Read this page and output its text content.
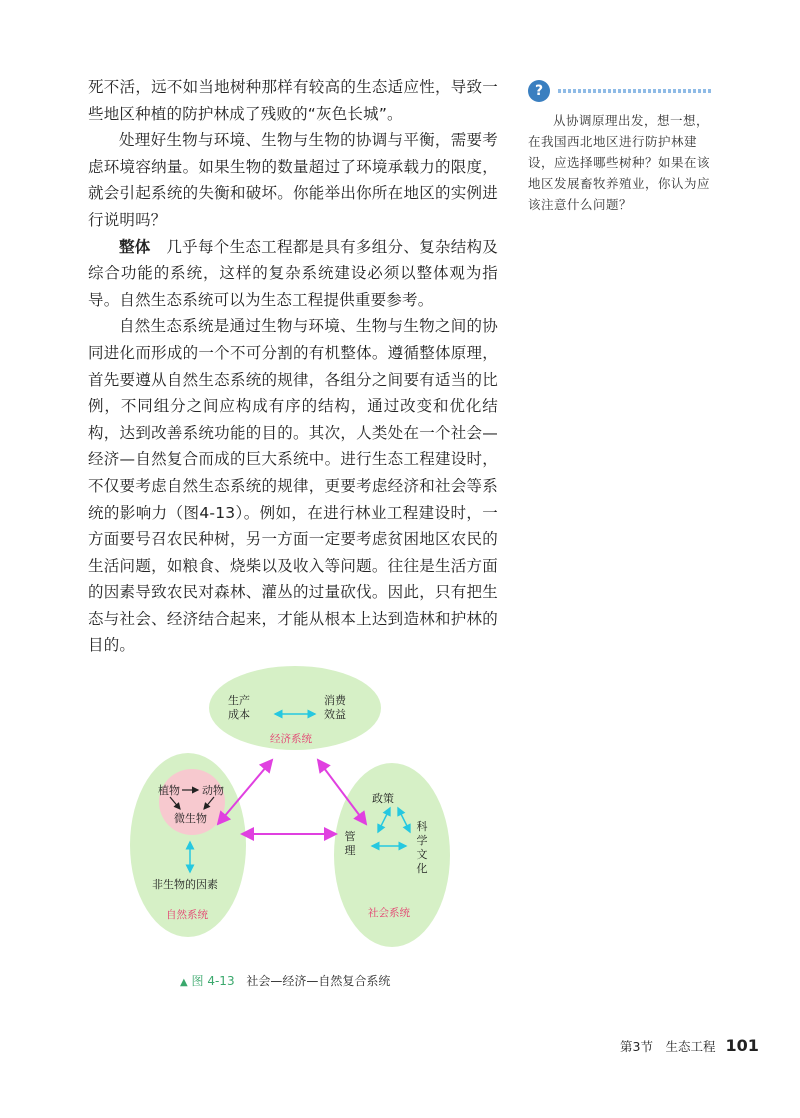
死不活，远不如当地树种那样有较高的生态适应性，导致一些地区种植的防护林成了残败的“灰色长城”。

处理好生物与环境、生物与生物的协调与平衡，需要考虑环境容纳量。如果生物的数量超过了环境承载力的限度，就会引起系统的失衡和破坏。你能举出你所在地区的实例进行说明吗？

整体　 几乎每个生态工程都是具有多组分、复杂结构及综合功能的系统，这样的复杂系统建设必须以整体观为指导。自然生态系统可以为生态工程提供重要参考。

自然生态系统是通过生物与环境、生物与生物之间的协同进化而形成的一个不可分割的有机整体。遵循整体原理，首先要遵从自然生态系统的规律，各组分之间要有适当的比例，不同组分之间应构成有序的结构，通过改变和优化结构，达到改善系统功能的目的。其次，人类处在一个社会—经济—自然复合而成的巨大系统中。进行生态工程建设时，不仅要考虑自然生态系统的规律，更要考虑经济和社会等系统的影响力（图4-13）。例如，在进行林业工程建设时，一方面要号召农民种树，另一方面一定要考虑贫困地区农民的生活问题，如粮食、烧柴以及收入等问题。往往是生活方面的因素导致农民对森林、灌丛的过量砍伐。因此，只有把生态与社会、经济结合起来，才能从根本上达到造林和护林的目的。

?
从协调原理出发，想一想，在我国西北地区进行防护林建设，应选择哪些树种？如果在该地区发展畜牧养殖业，你认为应该注意什么问题？
生产
成本
消费
效益
经济系统
植物 动物
微生物
非生物的因素
自然系统
政策
管理
科学文化
社会系统
▲ 图 4-13 社会—经济—自然复合系统
第3节　生态工程 101
